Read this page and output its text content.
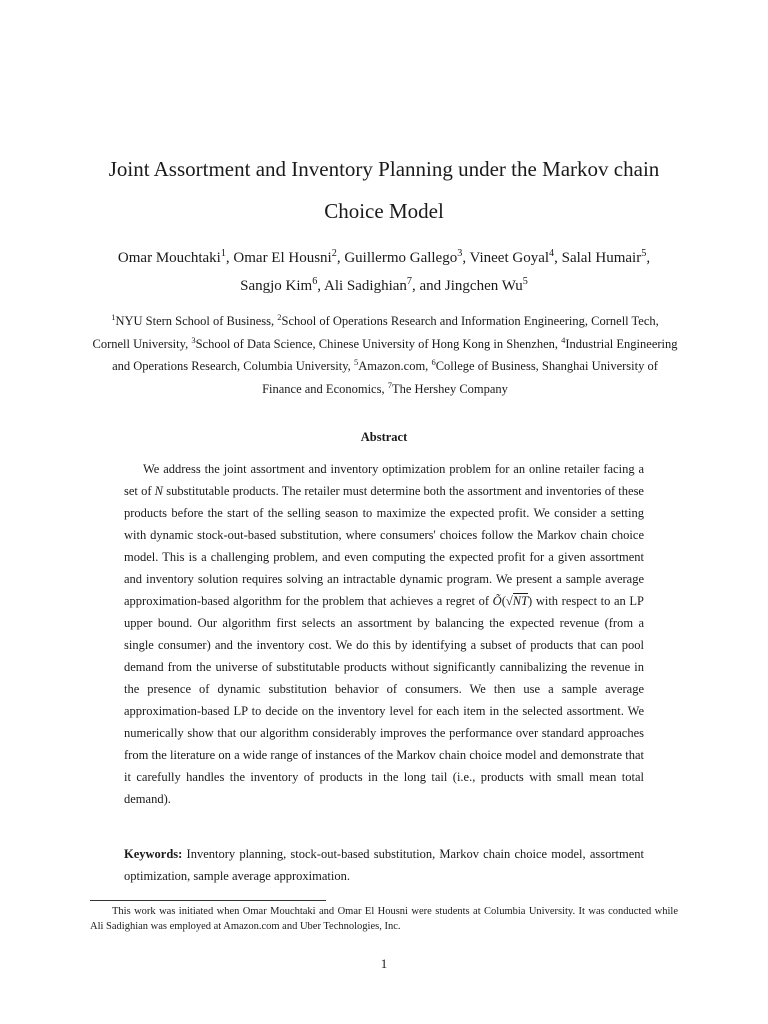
Joint Assortment and Inventory Planning under the Markov chain
Choice Model
Omar Mouchtaki$^1$, Omar El Housni$^2$, Guillermo Gallego$^3$, Vineet Goyal$^4$, Salal Humair$^5$,
Sangjo Kim$^6$, Ali Sadighian$^7$, and Jingchen Wu$^5$
$^1$NYU Stern School of Business, $^2$School of Operations Research and Information Engineering, Cornell Tech, Cornell University, $^3$School of Data Science, Chinese University of Hong Kong in Shenzhen, $^4$Industrial Engineering and Operations Research, Columbia University, $^5$Amazon.com, $^6$College of Business, Shanghai University of Finance and Economics, $^7$The Hershey Company
Abstract
We address the joint assortment and inventory optimization problem for an online retailer facing a set of N substitutable products. The retailer must determine both the assortment and inventories of these products before the start of the selling season to maximize the expected profit. We consider a setting with dynamic stock-out-based substitution, where consumers' choices follow the Markov chain choice model. This is a challenging problem, and even computing the expected profit for a given assortment and inventory solution requires solving an intractable dynamic program. We present a sample average approximation-based algorithm for the problem that achieves a regret of Õ(√NT) with respect to an LP upper bound. Our algorithm first selects an assortment by balancing the expected revenue (from a single consumer) and the inventory cost. We do this by identifying a subset of products that can pool demand from the universe of substitutable products without significantly cannibalizing the revenue in the presence of dynamic substitution behavior of consumers. We then use a sample average approximation-based LP to decide on the inventory level for each item in the selected assortment. We numerically show that our algorithm considerably improves the performance over standard approaches from the literature on a wide range of instances of the Markov chain choice model and demonstrate that it carefully handles the inventory of products in the long tail (i.e., products with small mean total demand).
Keywords: Inventory planning, stock-out-based substitution, Markov chain choice model, assortment optimization, sample average approximation.
This work was initiated when Omar Mouchtaki and Omar El Housni were students at Columbia University. It was conducted while Ali Sadighian was employed at Amazon.com and Uber Technologies, Inc.
1
